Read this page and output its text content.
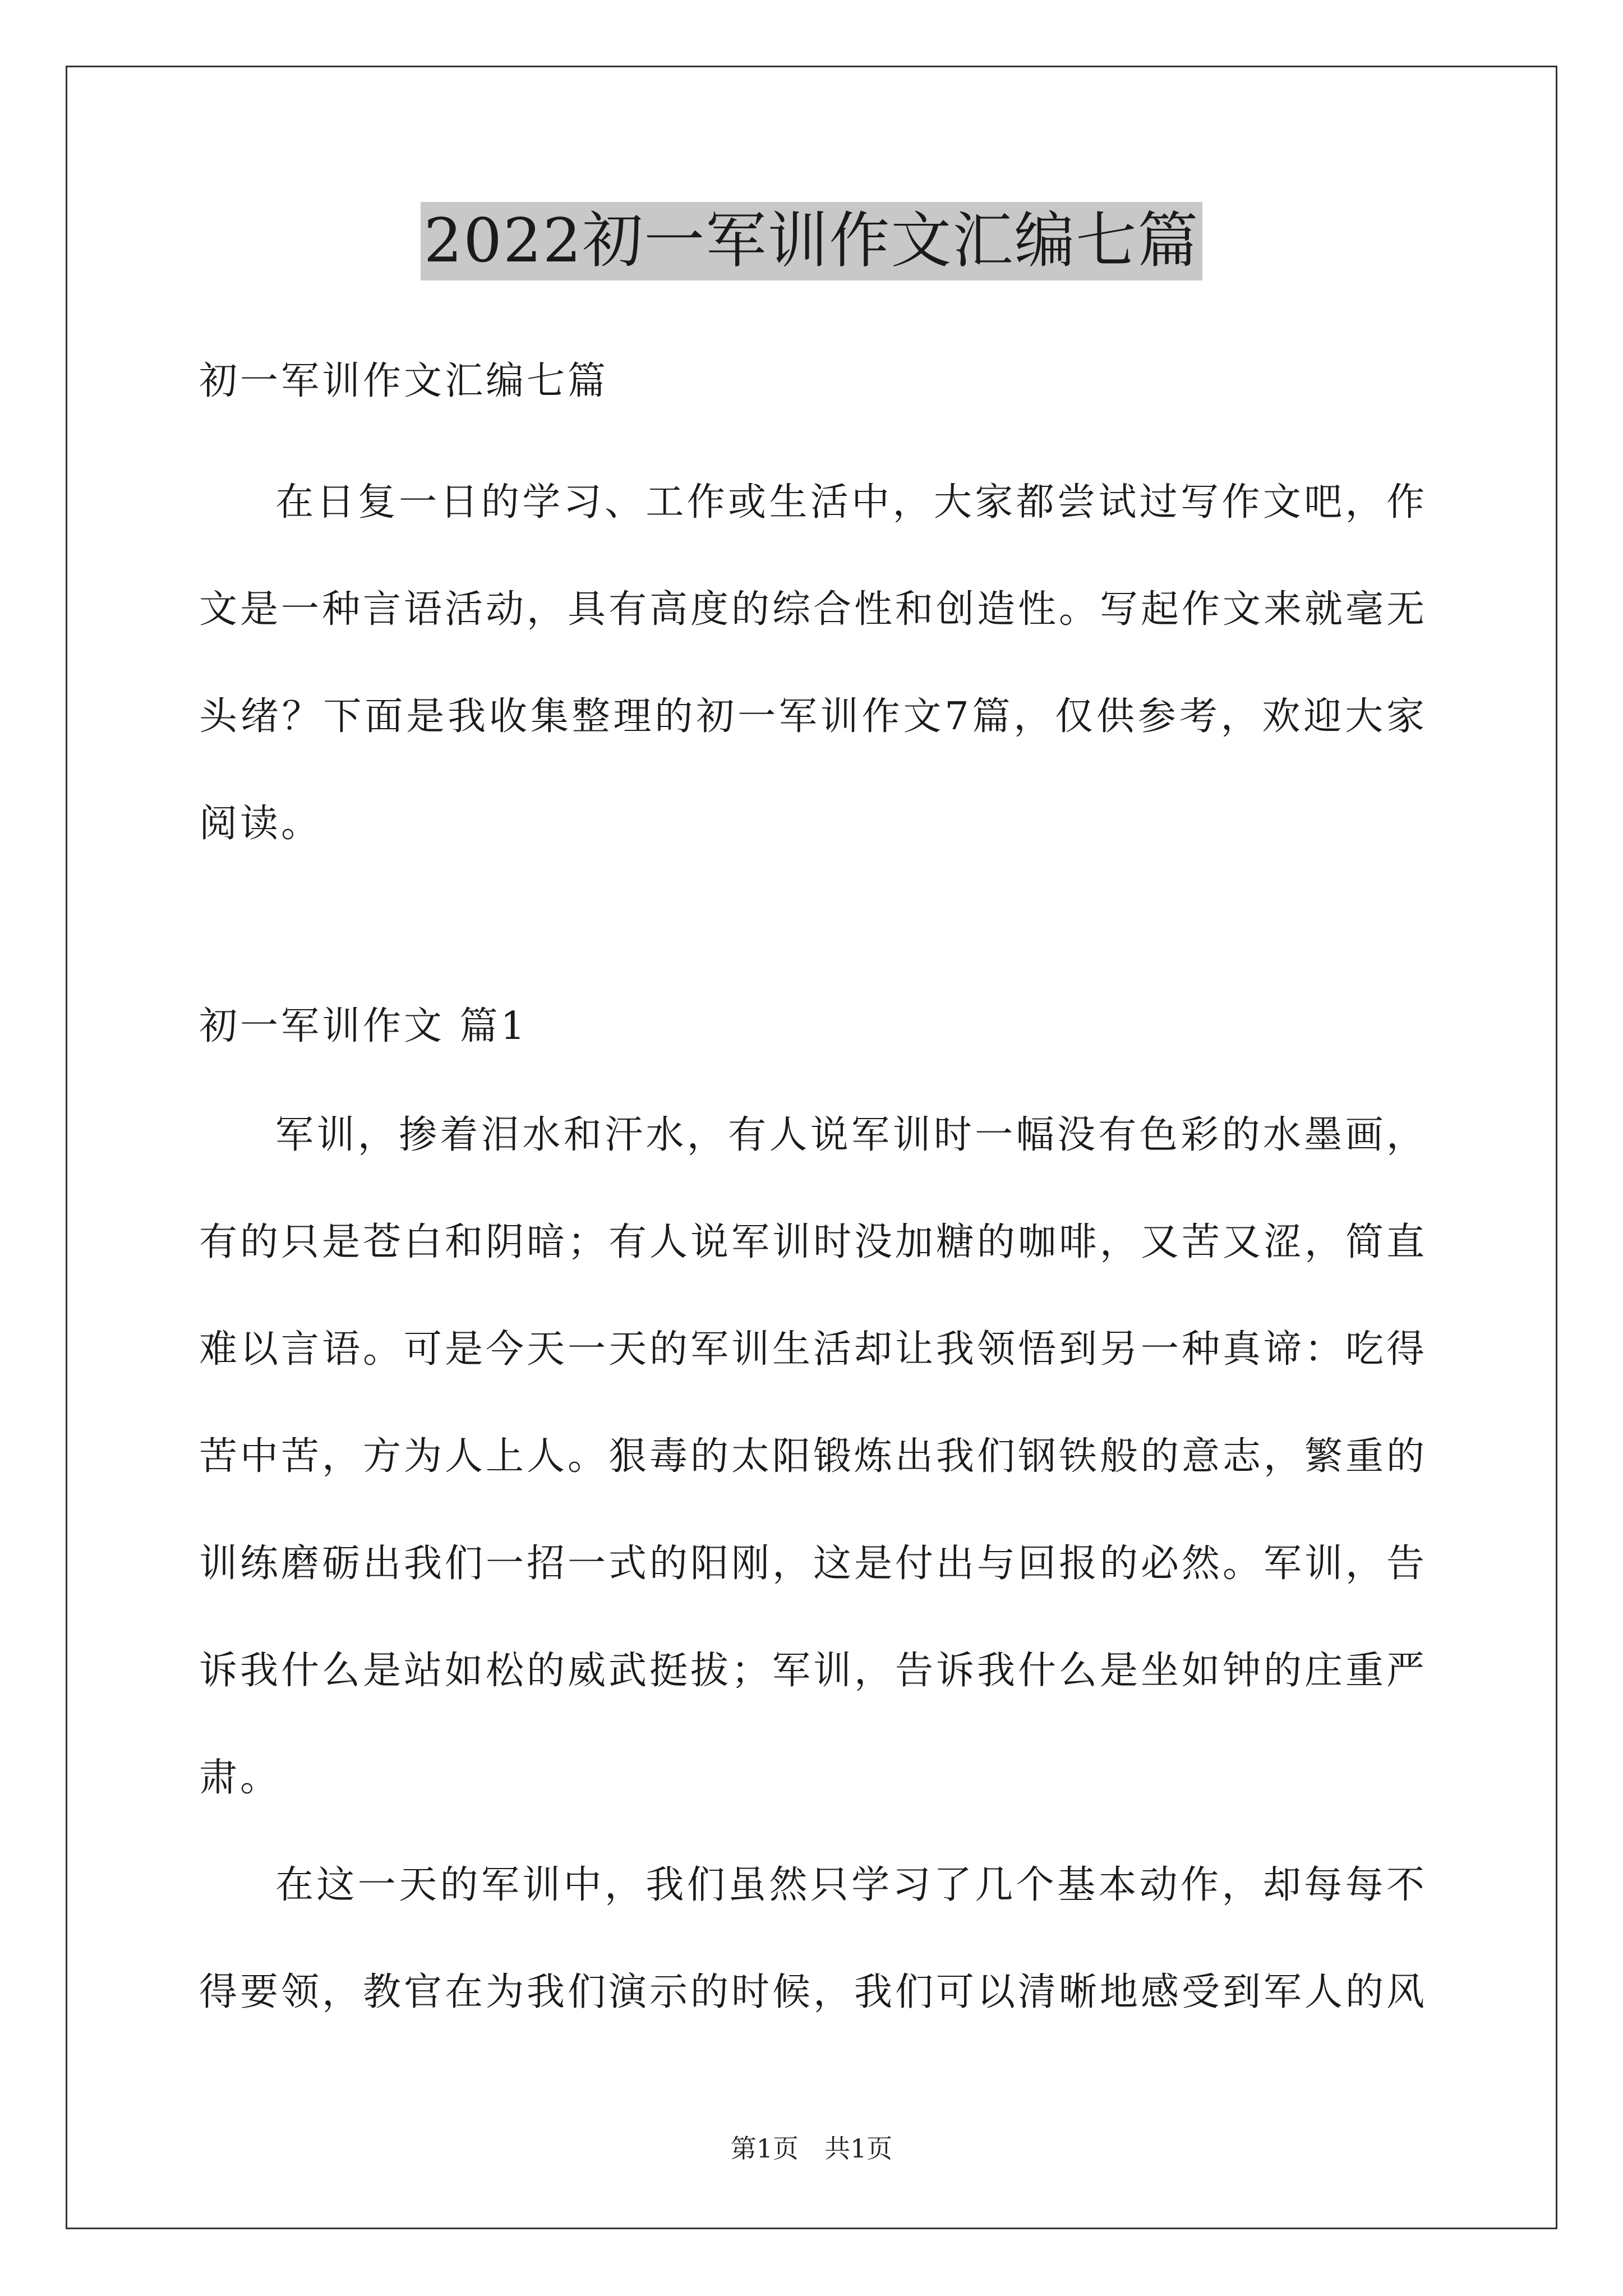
2022初一军训作文汇编七篇
初一军训作文汇编七篇

在日复一日的学习、工作或生活中，大家都尝试过写作文吧，作文是一种言语活动，具有高度的综合性和创造性。写起作文来就毫无头绪？下面是我收集整理的初一军训作文7篇，仅供参考，欢迎大家阅读。

初一军训作文 篇1

军训，掺着泪水和汗水，有人说军训时一幅没有色彩的水墨画，有的只是苍白和阴暗；有人说军训时没加糖的咖啡，又苦又涩，简直难以言语。可是今天一天的军训生活却让我领悟到另一种真谛：吃得苦中苦，方为人上人。狠毒的太阳锻炼出我们钢铁般的意志，繁重的训练磨砺出我们一招一式的阳刚，这是付出与回报的必然。军训，告诉我什么是站如松的威武挺拔；军训，告诉我什么是坐如钟的庄重严肃。

在这一天的军训中，我们虽然只学习了几个基本动作，却每每不得要领，教官在为我们演示的时候，我们可以清晰地感受到军人的风

第1页　共1页
